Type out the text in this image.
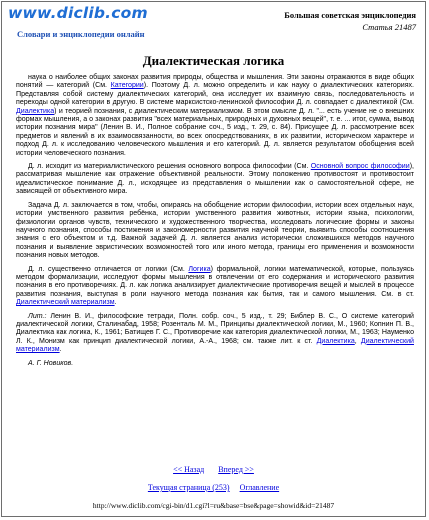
www.diclib.com
Словари и энциклопедии онлайн
Большая советская энциклопедия
Статья 21487
Диалектическая логика

наука о наиболее общих законах развития природы, общества и мышления. Эти законы отражаются в виде общих понятий — категорий (См. Категории). Поэтому Д. л. можно определить и как науку о диалектических категориях. Представляя собой систему диалектических категорий, она исследует их взаимную связь, последовательность и переходы одной категории в другую. В системе марксистско-ленинской философии Д. л. совпадает с диалектикой (См. Диалектика) и теорией познания, с диалектическим материализмом. В этом смысле Д. л. "... есть учение не о внешних формах мышления, а о законах развития "всех материальных, природных и духовных вещей", т. е. ... итог, сумма, вывод истории познания мира" (Ленин В. И., Полное собрание соч., 5 изд., т. 29, с. 84). Присущее Д. л. рассмотрение всех предметов и явлений в их взаимосвязанности, во всех опосредствованиях, в их развитии, историческом характере и подход Д. л. к исследованию человеческого мышления и его категорий. Д. л. является результатом обобщения всей истории человеческого познания.

Д. л. исходит из материалистического решения основного вопроса философии (См. Основной вопрос философии), рассматривая мышление как отражение объективной реальности. Этому положению противостоят и противостоит идеалистическое понимание Д. л., исходящее из представления о мышлении как о самостоятельной сфере, не зависящей от объективного мира.

Задача Д. л. заключается в том, чтобы, опираясь на обобщение истории философии, истории всех отдельных наук, истории умственного развития ребёнка, истории умственного развития животных, истории языка, психологии, физиологии органов чувств, технического и художественного творчества, исследовать логические формы и законы научного познания, способы постижения и закономерности развития научной теории, выявить способы соотношения знания с его объектом и т.д. Важной задачей Д. л. является анализ исторически сложившихся методов научного познания и выявление эвристических возможностей того или иного метода, границы его применения и возможности познания новых методов.

Д. л. существенно отличается от логики (См. Логика) формальной, логики математической, которые, пользуясь методом формализации, исследуют формы мышления в отвлечении от его содержания и исторического развития познания в его противоречиях. Д. л. как логика анализирует диалектические противоречия вещей и мыслей в процессе развития познания, выступая в роли научного метода познания как бытия, так и самого мышления. См. в ст. Диалектический материализм.

Лит.: Ленин В. И., философские тетради, Полн. собр. соч., 5 изд., т. 29; Библер В. С., О системе категорий диалектической логики, Сталинабад, 1958; Розенталь М. М., Принципы диалектической логики, М., 1960; Копнин П. В., Диалектика как логика, К., 1961; Батищев Г. С., Противоречие как категория диалектической логики, М., 1963; Науменко Л. К., Монизм как принцип диалектической логики, А.-А., 1968; см. также лит. к ст. Диалектика, Диалектический материализм.

А. Г. Новиков.

<< Назад Вперед >>
Текущая страница (253) Оглавление
http://www.diclib.com/cgi-bin/d1.cgi?l=ru&base=bse&page=showid&id=21487
